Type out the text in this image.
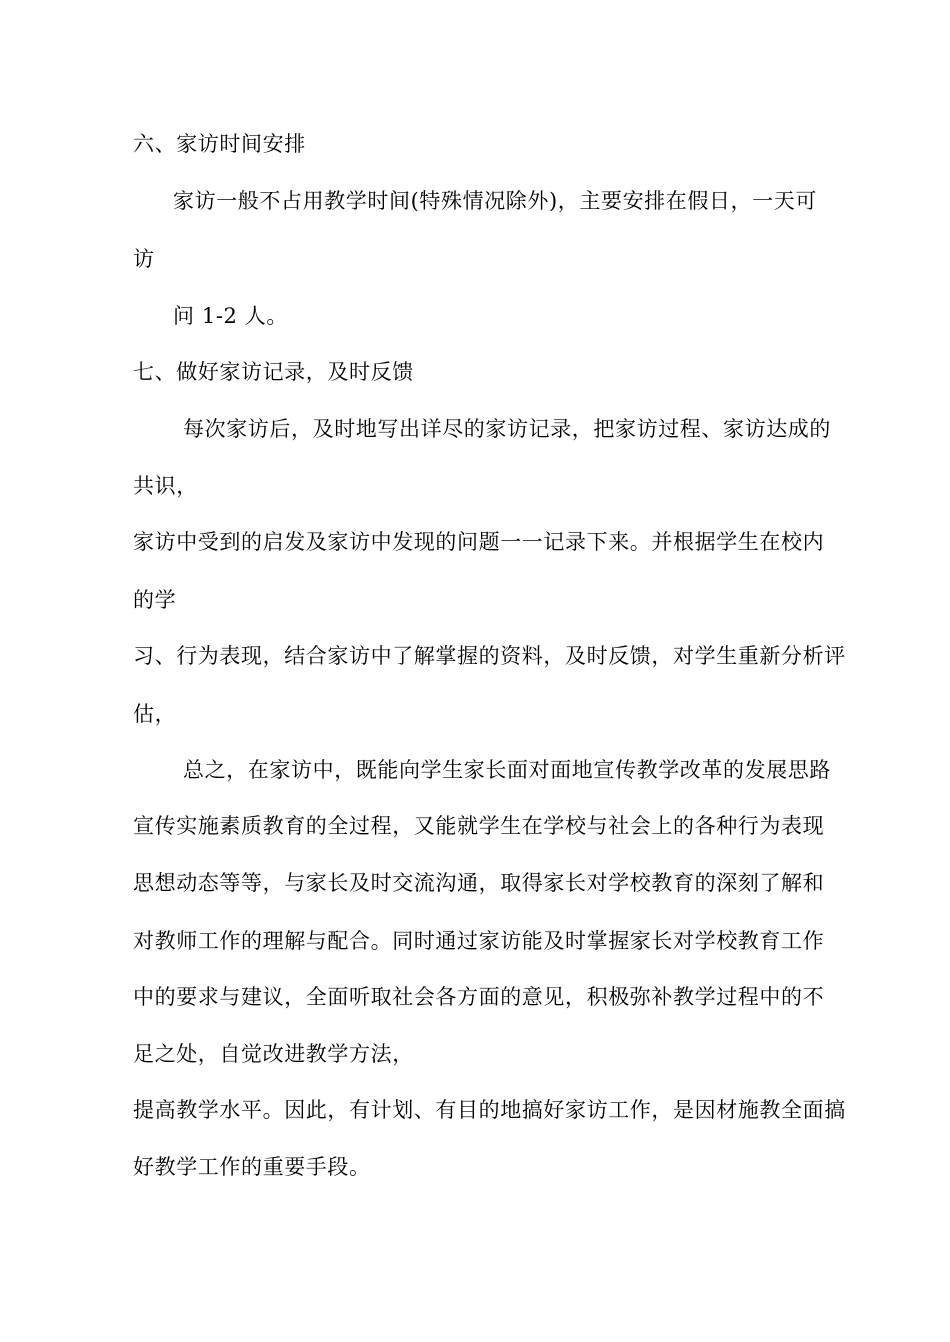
六、家访时间安排

家访一般不占用教学时间(特殊情况除外)，主要安排在假日，一天可

访

问 1-2 人。

七、做好家访记录，及时反馈

每次家访后，及时地写出详尽的家访记录，把家访过程、家访达成的

共识，

家访中受到的启发及家访中发现的问题一一记录下来。并根据学生在校内

的学

习、行为表现，结合家访中了解掌握的资料，及时反馈，对学生重新分析评

估，

总之，在家访中，既能向学生家长面对面地宣传教学改革的发展思路

宣传实施素质教育的全过程，又能就学生在学校与社会上的各种行为表现

思想动态等等，与家长及时交流沟通，取得家长对学校教育的深刻了解和

对教师工作的理解与配合。同时通过家访能及时掌握家长对学校教育工作

中的要求与建议，全面听取社会各方面的意见，积极弥补教学过程中的不

足之处，自觉改进教学方法，

提高教学水平。因此，有计划、有目的地搞好家访工作，是因材施教全面搞

好教学工作的重要手段。
